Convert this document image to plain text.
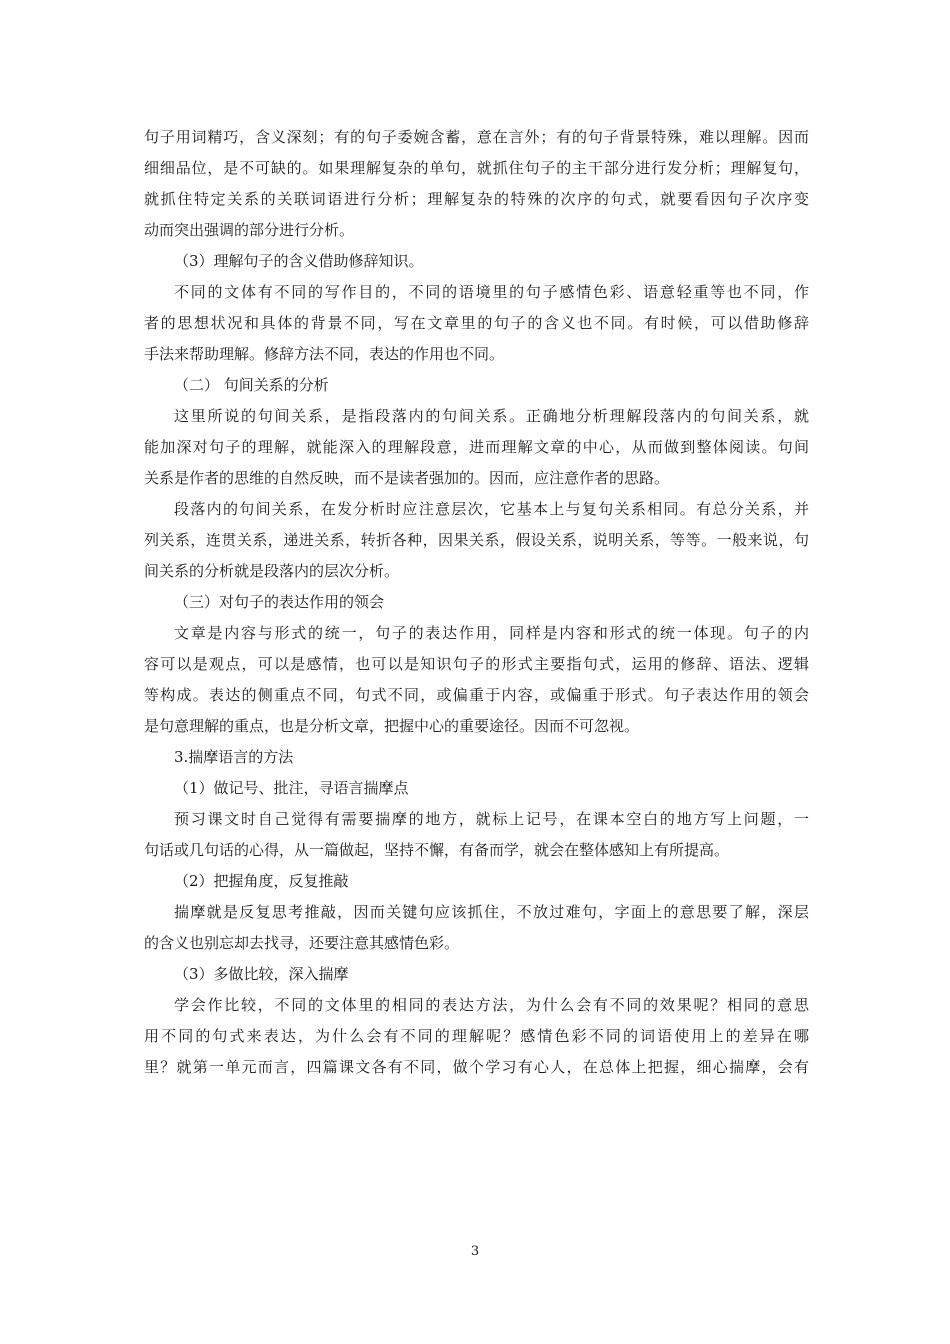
句子用词精巧，含义深刻；有的句子委婉含蓄，意在言外；有的句子背景特殊，难以理解。因而
细细品位，是不可缺的。如果理解复杂的单句，就抓住句子的主干部分进行发分析；理解复句，
就抓住特定关系的关联词语进行分析；理解复杂的特殊的次序的句式，就要看因句子次序变
动而突出强调的部分进行分析。
（3）理解句子的含义借助修辞知识。
不同的文体有不同的写作目的，不同的语境里的句子感情色彩、语意轻重等也不同，作
者的思想状况和具体的背景不同，写在文章里的句子的含义也不同。有时候，可以借助修辞
手法来帮助理解。修辞方法不同，表达的作用也不同。
（二） 句间关系的分析
这里所说的句间关系，是指段落内的句间关系。正确地分析理解段落内的句间关系，就
能加深对句子的理解，就能深入的理解段意，进而理解文章的中心，从而做到整体阅读。句间
关系是作者的思维的自然反映，而不是读者强加的。因而，应注意作者的思路。
段落内的句间关系，在发分析时应注意层次，它基本上与复句关系相同。有总分关系，并
列关系，连贯关系，递进关系，转折各种，因果关系，假设关系，说明关系，等等。一般来说，句
间关系的分析就是段落内的层次分析。
（三）对句子的表达作用的领会
文章是内容与形式的统一，句子的表达作用，同样是内容和形式的统一体现。句子的内
容可以是观点，可以是感情，也可以是知识句子的形式主要指句式，运用的修辞、语法、逻辑
等构成。表达的侧重点不同，句式不同，或偏重于内容，或偏重于形式。句子表达作用的领会
是句意理解的重点，也是分析文章，把握中心的重要途径。因而不可忽视。
3.揣摩语言的方法
（1）做记号、批注，寻语言揣摩点
预习课文时自己觉得有需要揣摩的地方，就标上记号，在课本空白的地方写上问题，一
句话或几句话的心得，从一篇做起，坚持不懈，有备而学，就会在整体感知上有所提高。
（2）把握角度，反复推敲
揣摩就是反复思考推敲，因而关键句应该抓住，不放过难句，字面上的意思要了解，深层
的含义也别忘却去找寻，还要注意其感情色彩。
（3）多做比较，深入揣摩
学会作比较，不同的文体里的相同的表达方法，为什么会有不同的效果呢？相同的意思
用不同的句式来表达，为什么会有不同的理解呢？感情色彩不同的词语使用上的差异在哪
里？就第一单元而言，四篇课文各有不同，做个学习有心人，在总体上把握，细心揣摩，会有
3
